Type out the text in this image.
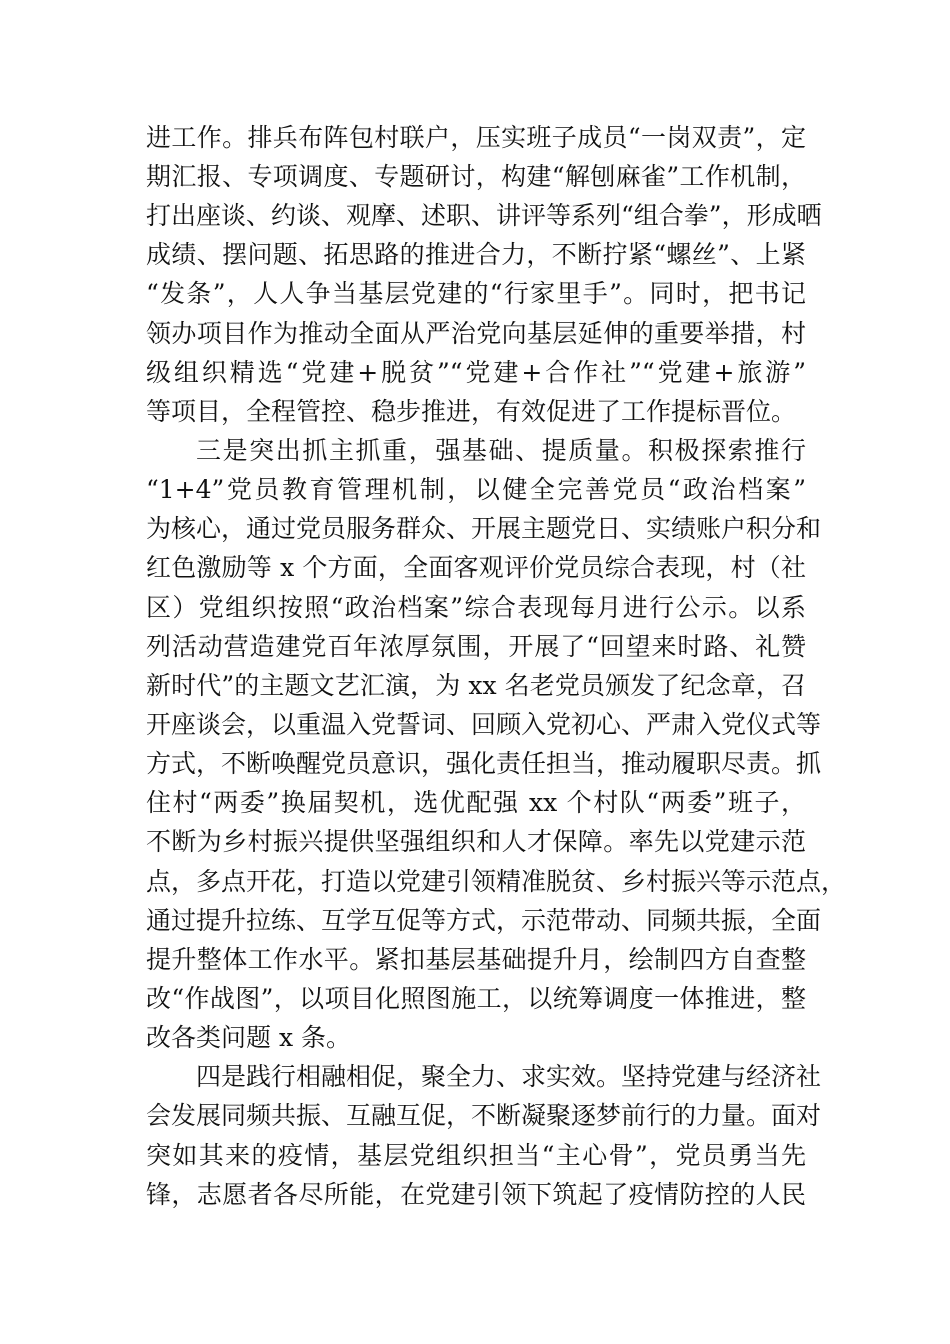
进工作。排兵布阵包村联户，压实班子成员“一岗双责”，定
期汇报、专项调度、专题研讨，构建“解刨麻雀”工作机制，
打出座谈、约谈、观摩、述职、讲评等系列“组合拳”，形成晒
成绩、摆问题、拓思路的推进合力，不断拧紧“螺丝”、上紧
“发条”，人人争当基层党建的“行家里手”。同时，把书记
领办项目作为推动全面从严治党向基层延伸的重要举措，村
级组织精选“党建+脱贫”“党建+合作社”“党建+旅游”
等项目，全程管控、稳步推进，有效促进了工作提标晋位。
三是突出抓主抓重，强基础、提质量。积极探索推行
“1+4”党员教育管理机制，以健全完善党员“政治档案”
为核心，通过党员服务群众、开展主题党日、实绩账户积分和
红色激励等 x 个方面，全面客观评价党员综合表现，村（社
区）党组织按照“政治档案”综合表现每月进行公示。以系
列活动营造建党百年浓厚氛围，开展了“回望来时路、礼赞
新时代”的主题文艺汇演，为 xx 名老党员颁发了纪念章，召
开座谈会，以重温入党誓词、回顾入党初心、严肃入党仪式等
方式，不断唤醒党员意识，强化责任担当，推动履职尽责。抓
住村“两委”换届契机，选优配强 xx 个村队“两委”班子，
不断为乡村振兴提供坚强组织和人才保障。率先以党建示范
点，多点开花，打造以党建引领精准脱贫、乡村振兴等示范点，
通过提升拉练、互学互促等方式，示范带动、同频共振，全面
提升整体工作水平。紧扣基层基础提升月，绘制四方自查整
改“作战图”，以项目化照图施工，以统筹调度一体推进，整
改各类问题 x 条。
四是践行相融相促，聚全力、求实效。坚持党建与经济社
会发展同频共振、互融互促，不断凝聚逐梦前行的力量。面对
突如其来的疫情，基层党组织担当“主心骨”，党员勇当先
锋，志愿者各尽所能，在党建引领下筑起了疫情防控的人民
